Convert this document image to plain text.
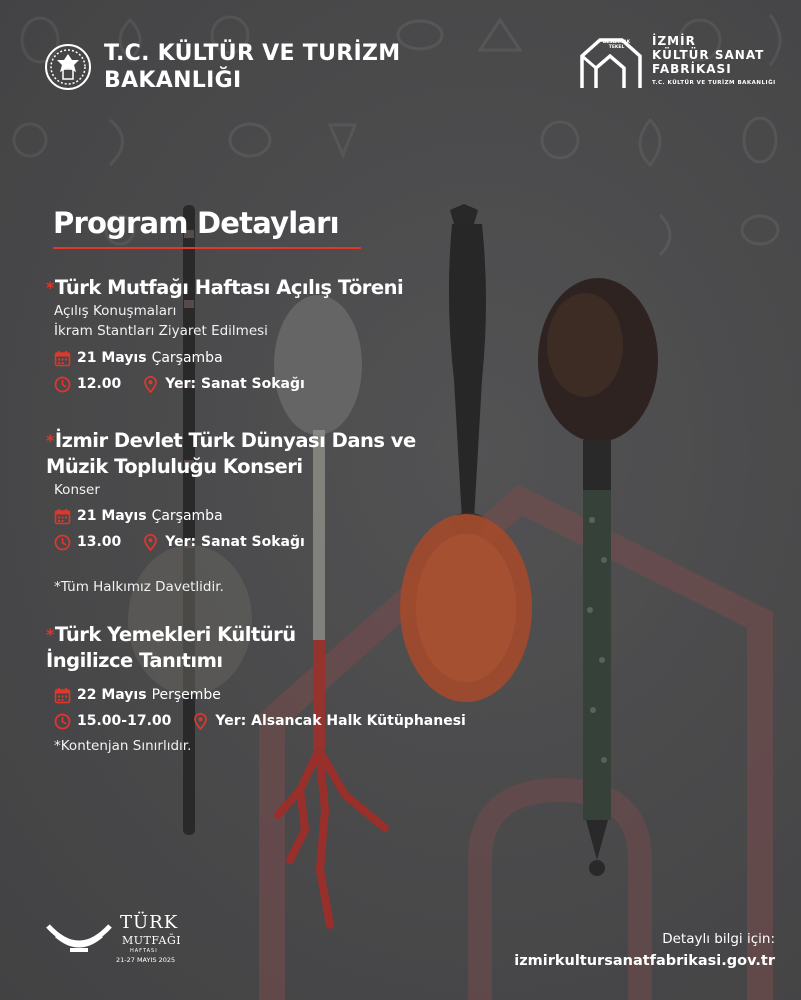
T.C. KÜLTÜR VE TURİZM
BAKANLIĞI
İZMİR
KÜLTÜR SANAT
FABRİKASI
T.C. KÜLTÜR VE TURİZM BAKANLIĞI
ALSANCAK
TEKEL
Program Detayları
*Türk Mutfağı Haftası Açılış Töreni
Açılış Konuşmaları
İkram Stantları Ziyaret Edilmesi
21 Mayıs Çarşamba
12.00	Yer: Sanat Sokağı
*İzmir Devlet Türk Dünyası Dans ve
Müzik Topluluğu Konseri
Konser
21 Mayıs Çarşamba
13.00	Yer: Sanat Sokağı
*Tüm Halkımız Davetlidir.
*Türk Yemekleri Kültürü
İngilizce Tanıtımı
22 Mayıs Perşembe
15.00-17.00	Yer: Alsancak Halk Kütüphanesi
*Kontenjan Sınırlıdır.
TÜRK
MUTFAĞI
HAFTASI
21-27 MAYIS 2025
Detaylı bilgi için:
izmirkultursanatfabrikasi.gov.tr
